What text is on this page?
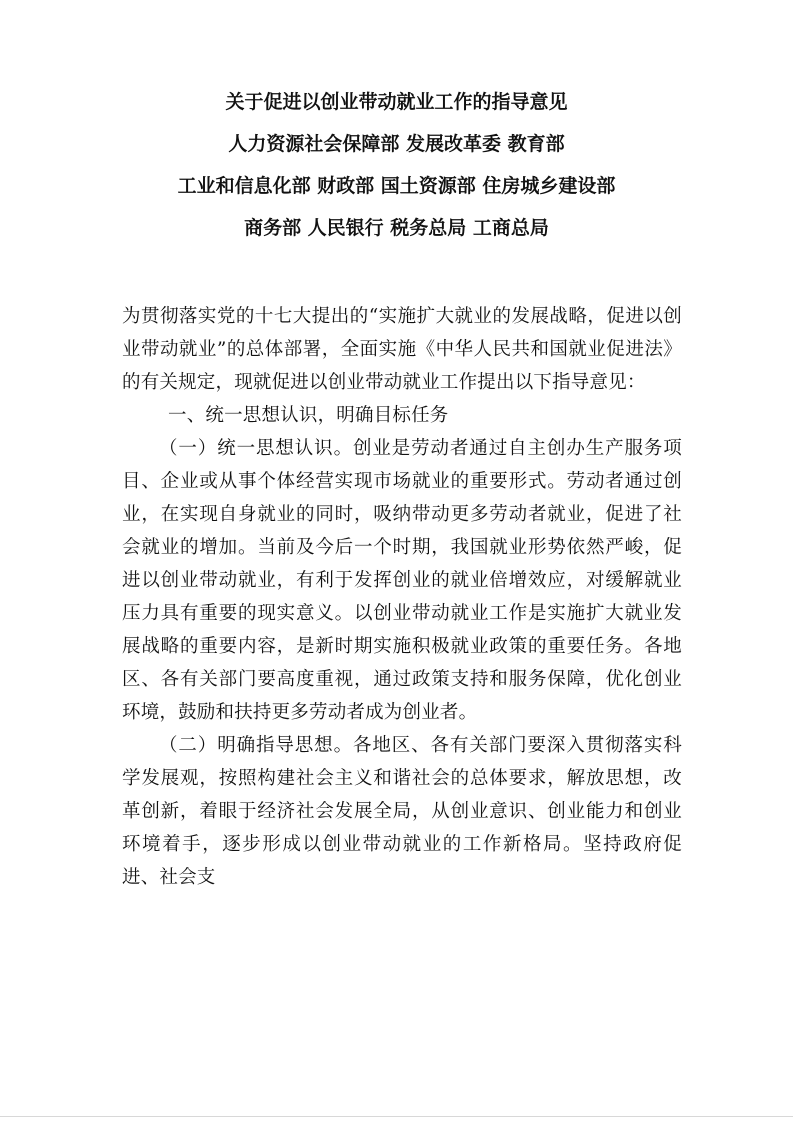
关于促进以创业带动就业工作的指导意见
人力资源社会保障部 发展改革委 教育部
工业和信息化部 财政部 国土资源部 住房城乡建设部
商务部 人民银行 税务总局 工商总局

为贯彻落实党的十七大提出的“实施扩大就业的发展战略，促进以创业带动就业”的总体部署，全面实施《中华人民共和国就业促进法》的有关规定，现就促进以创业带动就业工作提出以下指导意见：

一、统一思想认识，明确目标任务

（一）统一思想认识。创业是劳动者通过自主创办生产服务项目、企业或从事个体经营实现市场就业的重要形式。劳动者通过创业，在实现自身就业的同时，吸纳带动更多劳动者就业，促进了社会就业的增加。当前及今后一个时期，我国就业形势依然严峻，促进以创业带动就业，有利于发挥创业的就业倍增效应，对缓解就业压力具有重要的现实意义。以创业带动就业工作是实施扩大就业发展战略的重要内容，是新时期实施积极就业政策的重要任务。各地区、各有关部门要高度重视，通过政策支持和服务保障，优化创业环境，鼓励和扶持更多劳动者成为创业者。

（二）明确指导思想。各地区、各有关部门要深入贯彻落实科学发展观，按照构建社会主义和谐社会的总体要求，解放思想，改革创新，着眼于经济社会发展全局，从创业意识、创业能力和创业环境着手，逐步形成以创业带动就业的工作新格局。坚持政府促进、社会支
